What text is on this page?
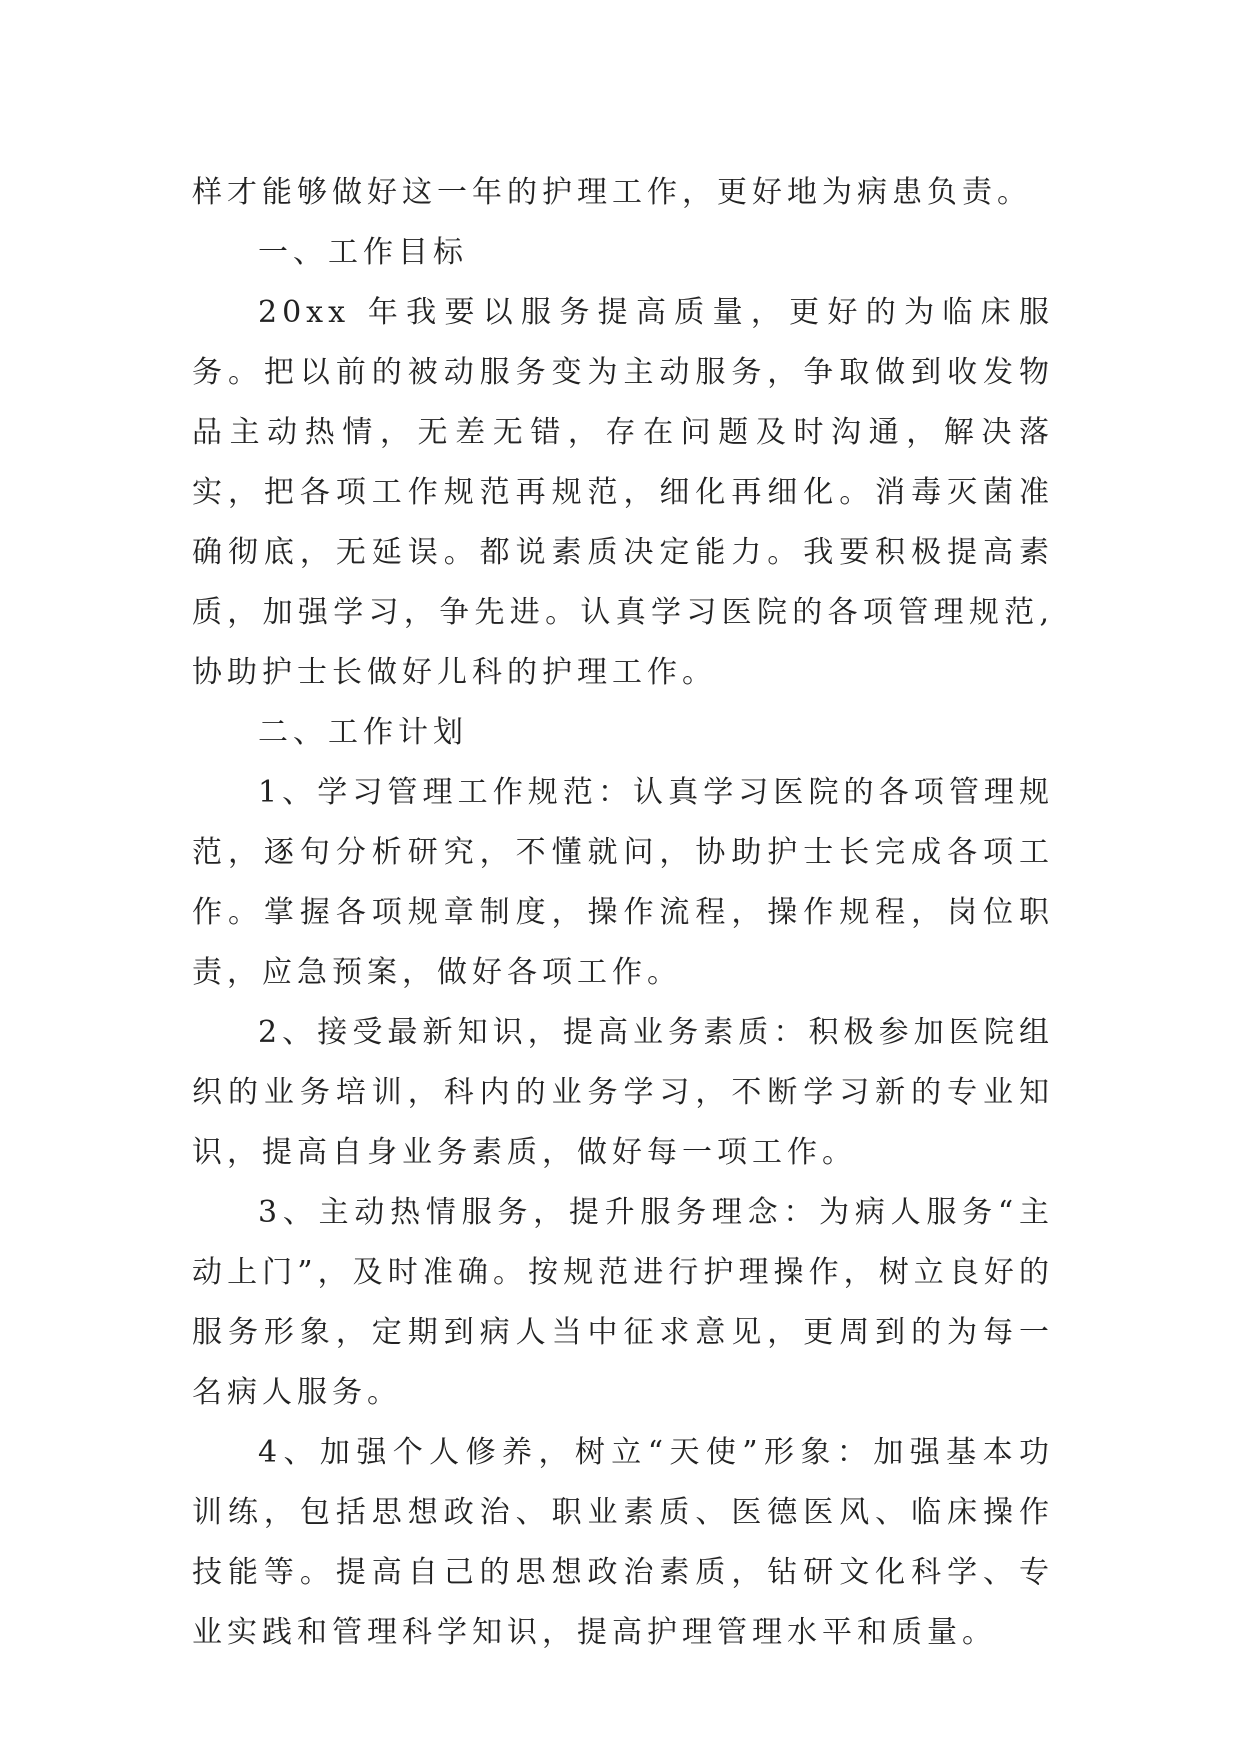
样才能够做好这一年的护理工作，更好地为病患负责。

一、工作目标

20xx 年我要以服务提高质量，更好的为临床服务。把以前的被动服务变为主动服务，争取做到收发物品主动热情，无差无错，存在问题及时沟通，解决落实，把各项工作规范再规范，细化再细化。消毒灭菌准确彻底，无延误。都说素质决定能力。我要积极提高素质，加强学习，争先进。认真学习医院的各项管理规范,协助护士长做好儿科的护理工作。

二、工作计划

1、学习管理工作规范：认真学习医院的各项管理规范，逐句分析研究，不懂就问，协助护士长完成各项工作。掌握各项规章制度，操作流程，操作规程，岗位职责，应急预案，做好各项工作。

2、接受最新知识，提高业务素质：积极参加医院组织的业务培训，科内的业务学习，不断学习新的专业知识，提高自身业务素质，做好每一项工作。

3、主动热情服务，提升服务理念：为病人服务“主动上门”，及时准确。按规范进行护理操作，树立良好的服务形象，定期到病人当中征求意见，更周到的为每一名病人服务。

4、加强个人修养，树立“天使”形象：加强基本功训练，包括思想政治、职业素质、医德医风、临床操作技能等。提高自己的思想政治素质，钻研文化科学、专业实践和管理科学知识，提高护理管理水平和质量。
